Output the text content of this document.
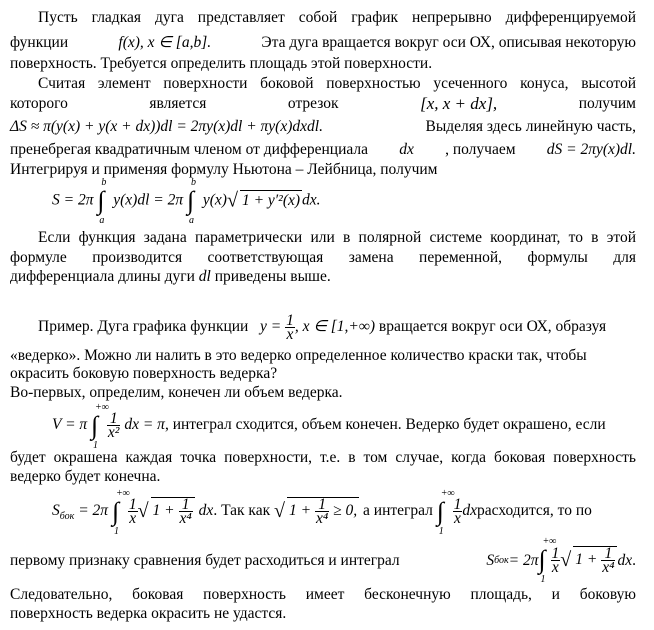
Пусть гладкая дуга представляет собой график непрерывно дифференцируемой
функции	f(x), x ∈ [a,b].	Эта дуга вращается вокруг оси ОХ, описывая некоторую
поверхность. Требуется определить площадь этой поверхности.
Считая элемент поверхности боковой поверхностью усеченного конуса, высотой
которого	является	отрезок	[x, x + dx],	получим
ΔS ≈ π(y(x) + y(x + dx))dl = 2πy(x)dl + πy(x)dxdl.	Выделяя здесь линейную часть,
пренебрегая квадратичным членом от дифференциала dx , получаем dS = 2πy(x)dl.
Интегрируя и применяя формулу Ньютона – Лейбница, получим
S = 2π ∫
b
a
y(x)dl = 2π ∫
b
a
y(x)√ 1 + y′²(x) dx.
Если функция задана параметрически или в полярной системе координат, то в этой
формуле производится соответствующая замена переменной, формулы для
дифференциала длины дуги dl приведены выше.
Пример. Дуга графика функции $y = \frac{1}{x}$ , x ∈ [1,+∞) вращается вокруг оси ОХ, образуя
«ведерко». Можно ли налить в это ведерко определенное количество краски так, чтобы
окрасить боковую поверхность ведерка?
Во-первых, определим, конечен ли объем ведерка.
V = π ∫
+∞
1

$\frac{1}{\text{x²}}$ dx = π, интеграл сходится, объем конечен. Ведерко будет окрашено, если
будет окрашена каждая точка поверхности, т.е. в том случае, когда боковая поверхность
ведерко будет конечна.
$S_{бок} = 2\pi$ ∫
+∞
1

$\frac{1}{x}$ √ $1 + \frac{1}{\text{x⁴}}$ dx. Так как √ $1 + \frac{1}{\text{x⁴}} \ge 0$, а интеграл ∫
+∞
1

$\frac{1}{x}$ dxрасходится, то по
первому признаку сравнения будет расходиться и интеграл	S бок = 2π ∫
+∞
1
$\frac{1}{x}$ √ $1 + \frac{1}{\text{x⁴}}$ dx .
Следовательно, боковая поверхность имеет бесконечную площадь, и боковую
поверхность ведерка окрасить не удастся.
